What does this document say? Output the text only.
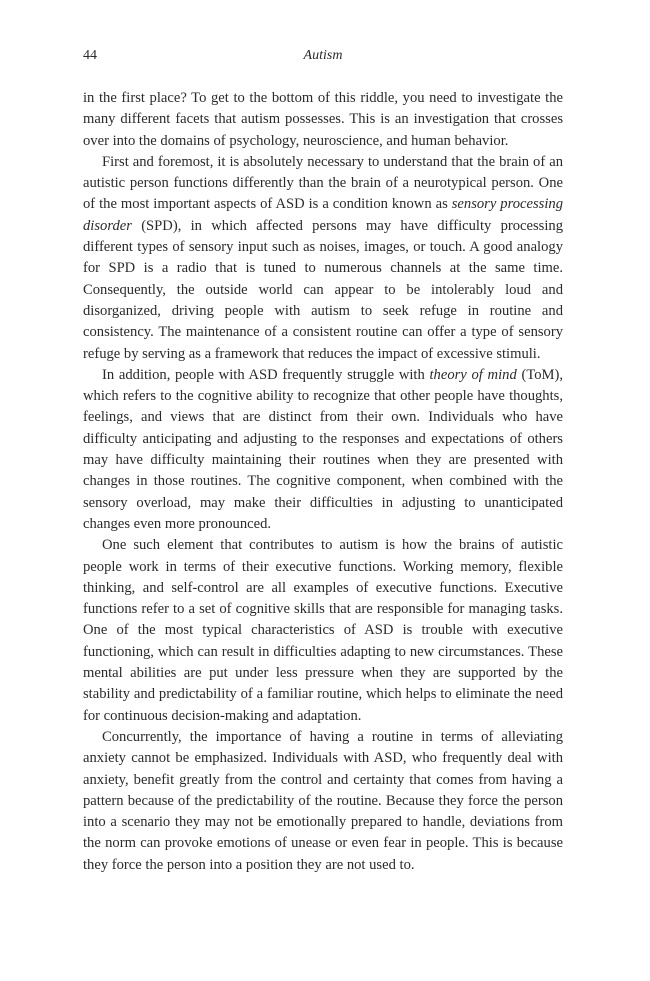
44	Autism

in the first place? To get to the bottom of this riddle, you need to investigate the many different facets that autism possesses. This is an investigation that crosses over into the domains of psychology, neuroscience, and human behavior.

First and foremost, it is absolutely necessary to understand that the brain of an autistic person functions differently than the brain of a neurotypical person. One of the most important aspects of ASD is a condition known as sensory processing disorder (SPD), in which affected persons may have difficulty processing different types of sensory input such as noises, images, or touch. A good analogy for SPD is a radio that is tuned to numerous channels at the same time. Consequently, the outside world can appear to be intolerably loud and disorganized, driving people with autism to seek refuge in routine and consistency. The maintenance of a consistent routine can offer a type of sensory refuge by serving as a framework that reduces the impact of excessive stimuli.

In addition, people with ASD frequently struggle with theory of mind (ToM), which refers to the cognitive ability to recognize that other people have thoughts, feelings, and views that are distinct from their own. Individuals who have difficulty anticipating and adjusting to the responses and expectations of others may have difficulty maintaining their routines when they are presented with changes in those routines. The cognitive component, when combined with the sensory overload, may make their difficulties in adjusting to unanticipated changes even more pronounced.

One such element that contributes to autism is how the brains of autistic people work in terms of their executive functions. Working memory, flexible thinking, and self-control are all examples of executive functions. Executive functions refer to a set of cognitive skills that are responsible for managing tasks. One of the most typical characteristics of ASD is trouble with executive functioning, which can result in difficulties adapting to new circumstances. These mental abilities are put under less pressure when they are supported by the stability and predictability of a familiar routine, which helps to eliminate the need for continuous decision-making and adaptation.

Concurrently, the importance of having a routine in terms of alleviating anxiety cannot be emphasized. Individuals with ASD, who frequently deal with anxiety, benefit greatly from the control and certainty that comes from having a pattern because of the predictability of the routine. Because they force the person into a scenario they may not be emotionally prepared to handle, deviations from the norm can provoke emotions of unease or even fear in people. This is because they force the person into a position they are not used to.
